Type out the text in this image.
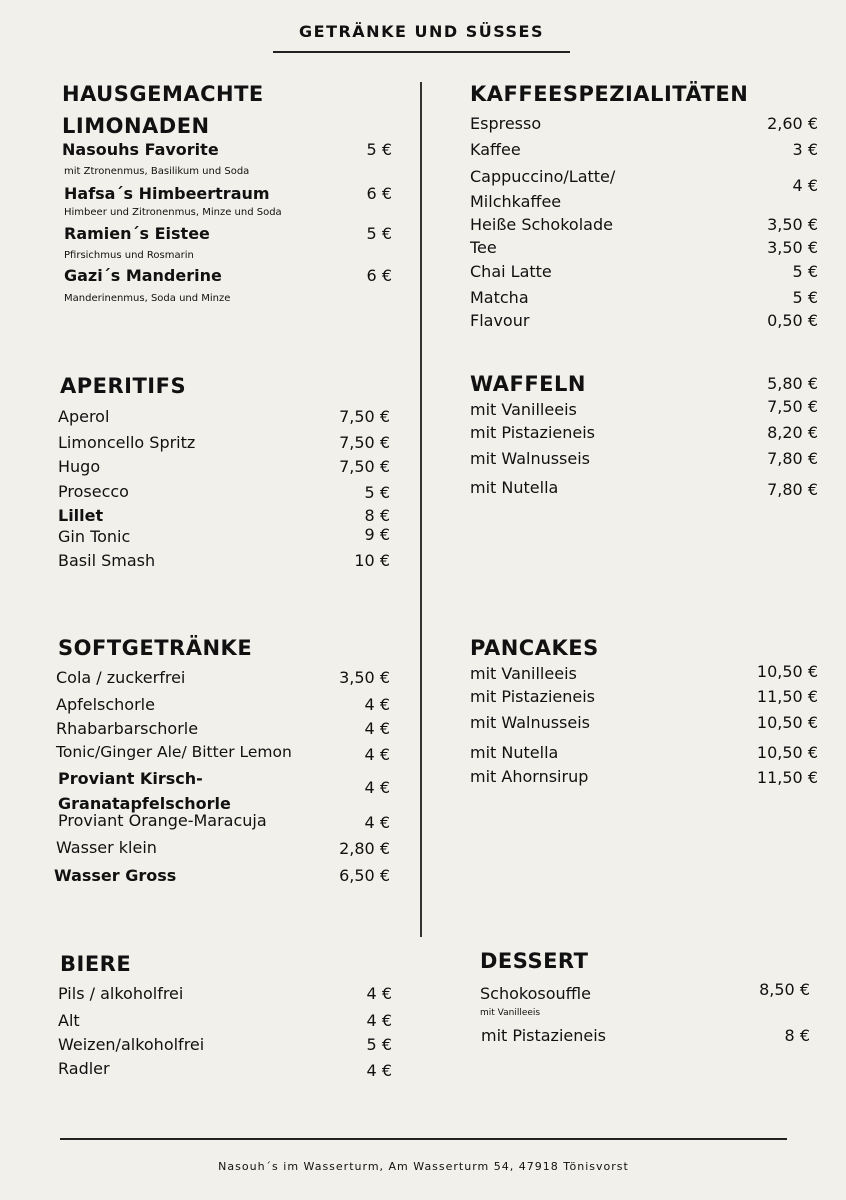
GETRÄNKE UND SÜSSES
HAUSGEMACHTE LIMONADEN
Nasouhs Favorite	5 €
mit Ztronenmus, Basilikum und Soda
Hafsa´s Himbeertraum	6 €
Himbeer und Zitronenmus, Minze und Soda
Ramien´s Eistee	5 €
Pfirsichmus und Rosmarin
Gazi´s Manderine	6 €
Manderinenmus, Soda und Minze
APERITIFS
Aperol	7,50 €
Limoncello Spritz	7,50 €
Hugo	7,50 €
Prosecco	5 €
Lillet	8 €
Gin Tonic	9 €
Basil Smash	10 €
SOFTGETRÄNKE
Cola / zuckerfrei	3,50 €
Apfelschorle	4 €
Rhabarbarschorle	4 €
Tonic/Ginger Ale/ Bitter Lemon	4 €
Proviant Kirsch-Granatapfelschorle
4 €
Proviant Orange-Maracuja	4 €
Wasser klein	2,80 €
Wasser Gross	6,50 €
BIERE
Pils / alkoholfrei	4 €
Alt	4 €
Weizen/alkoholfrei	5 €
Radler	4 €
KAFFEESPEZIALITÄTEN
Espresso	2,60 €
Kaffee	3 €
Cappuccino/Latte/ Milchkaffee
4 €
Heiße Schokolade	3,50 €
Tee	3,50 €
Chai Latte	5 €
Matcha	5 €
Flavour	0,50 €
WAFFELN	5,80 €
mit Vanilleeis	7,50 €
mit Pistazieneis	8,20 €
mit Walnusseis	7,80 €
mit Nutella	7,80 €
PANCAKES
mit Vanilleeis	10,50 €
mit Pistazieneis	11,50 €
mit Walnusseis	10,50 €
mit Nutella	10,50 €
mit Ahornsirup	11,50 €
DESSERT
Schokosouffle	8,50 €
mit Vanilleeis
mit Pistazieneis	8 €
Nasouh´s im Wasserturm, Am Wasserturm 54, 47918 Tönisvorst
